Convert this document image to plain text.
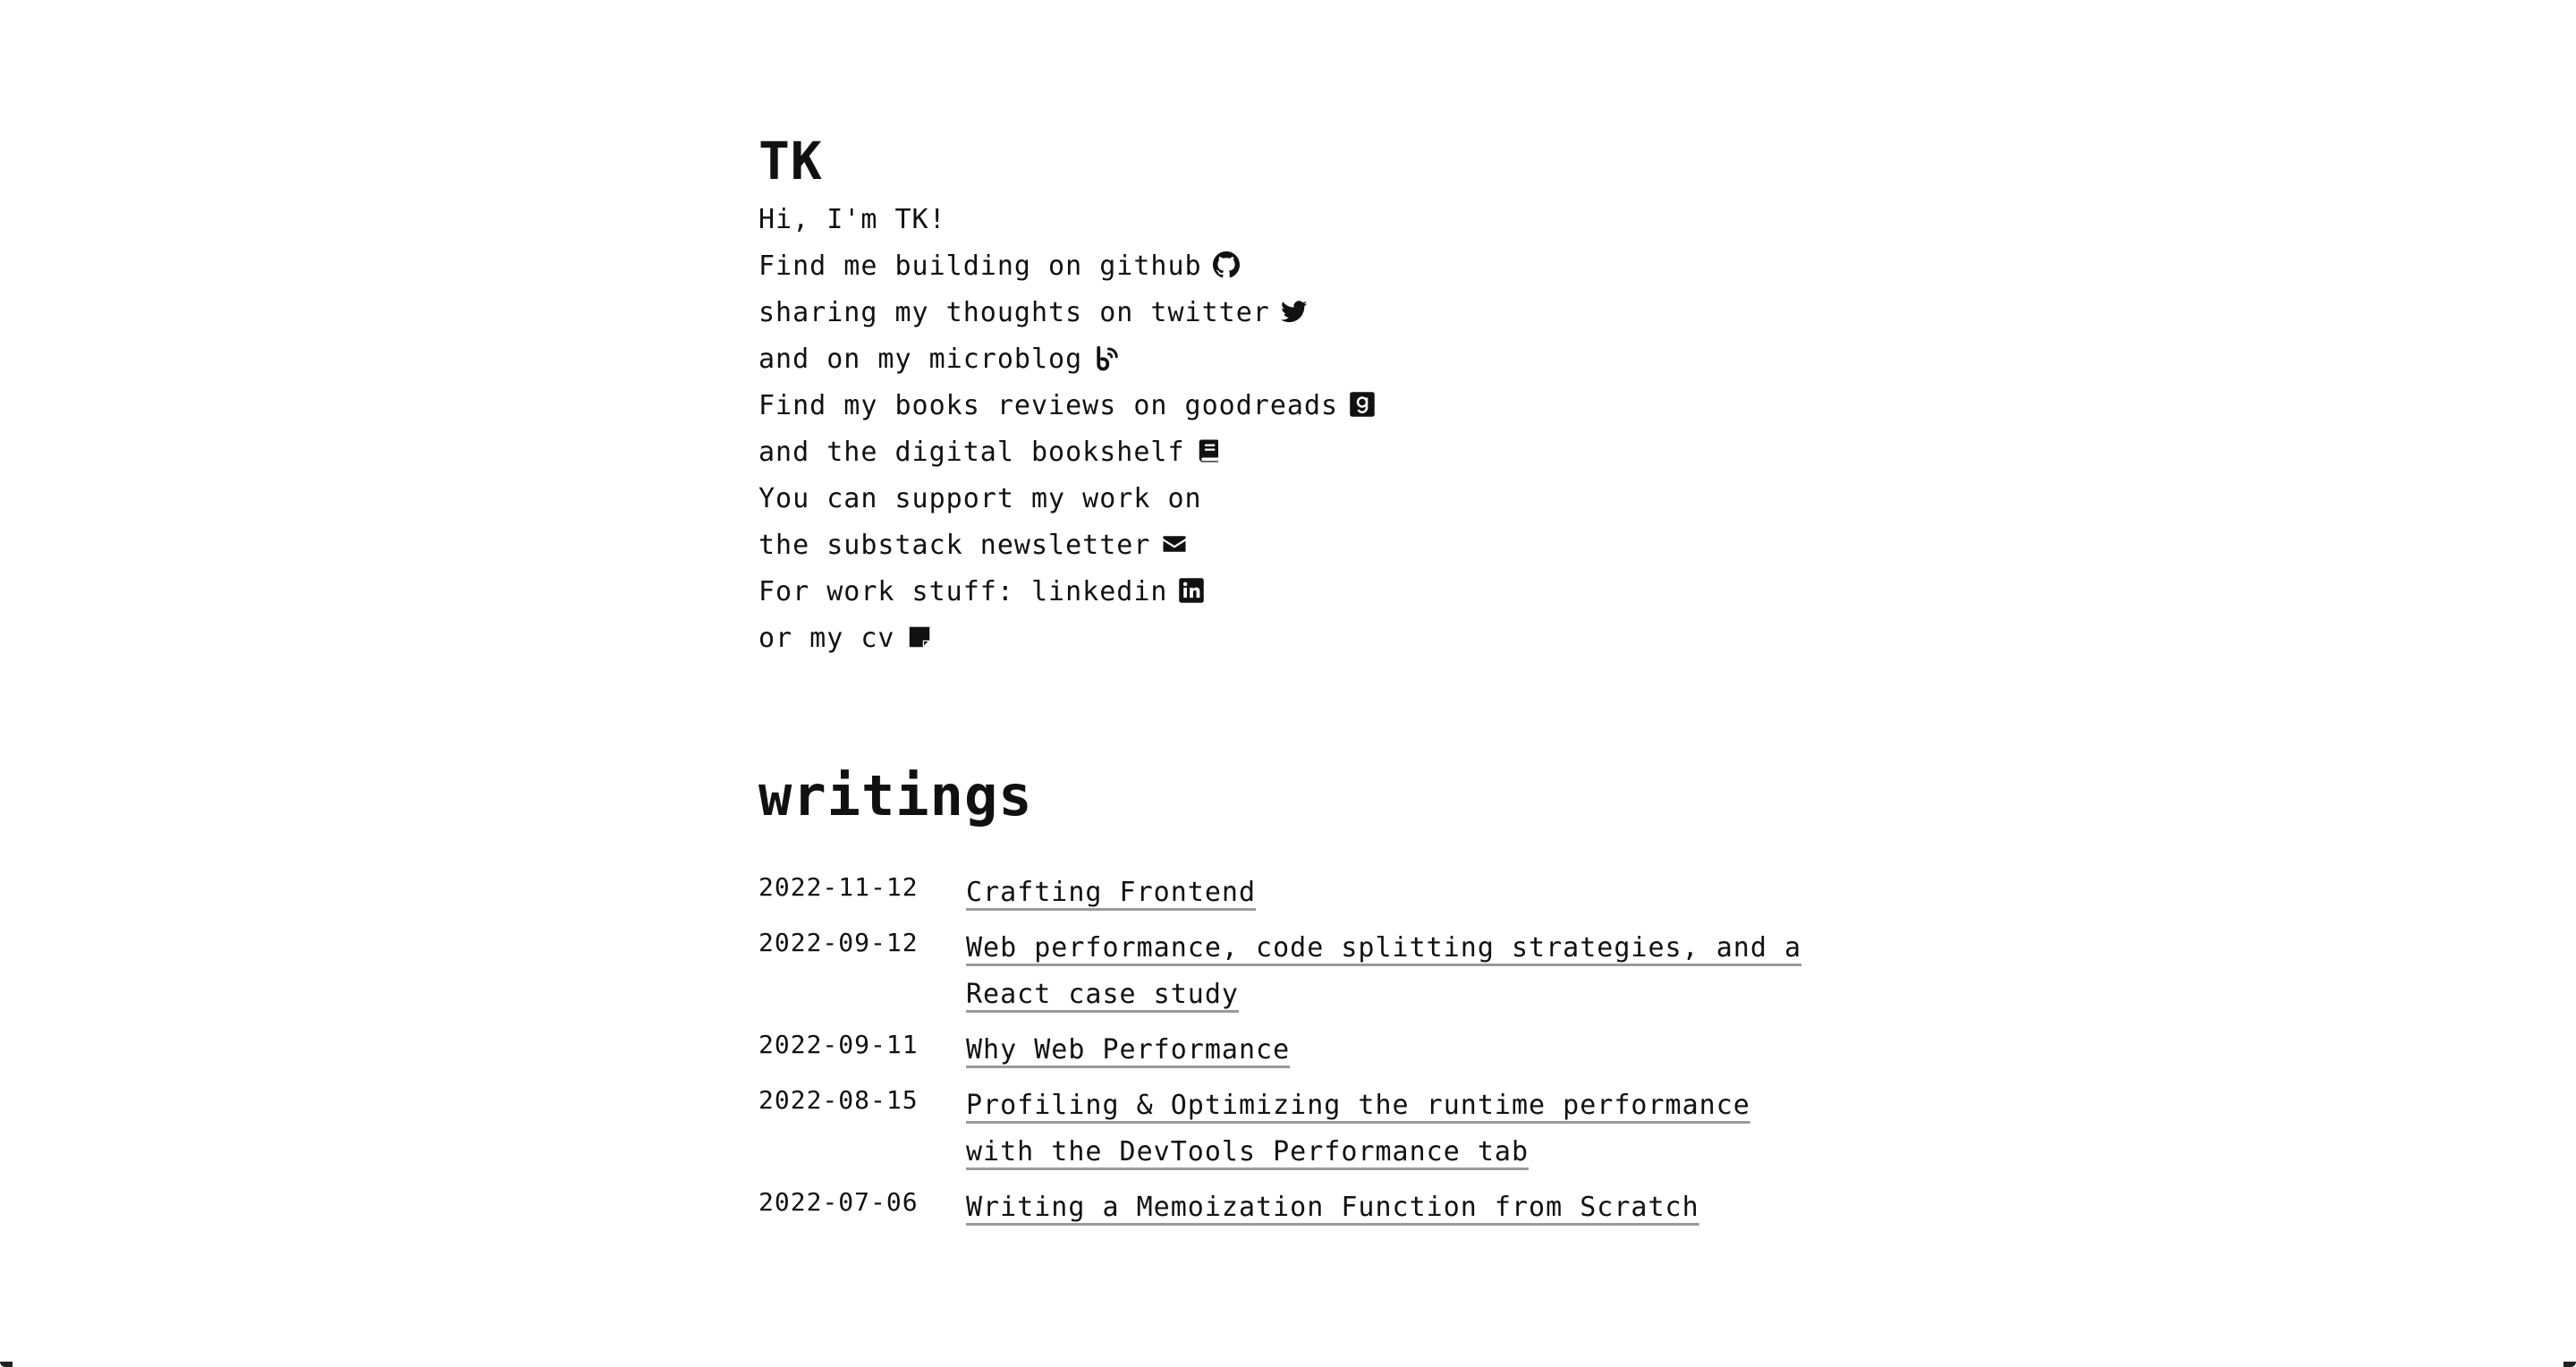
TK

Hi, I'm TK!

Find me building on github
sharing my thoughts on twitter
and on my microblog

Find my books reviews on goodreads
and the digital bookshelf

You can support my work on
the substack newsletter

For work stuff: linkedin
or my cv

writings
2022-11-12	Crafting Frontend
2022-09-12	Web performance, code splitting strategies, and a React case study
2022-09-11	Why Web Performance
2022-08-15	Profiling & Optimizing the runtime performance with the DevTools Performance tab
2022-07-06	Writing a Memoization Function from Scratch
